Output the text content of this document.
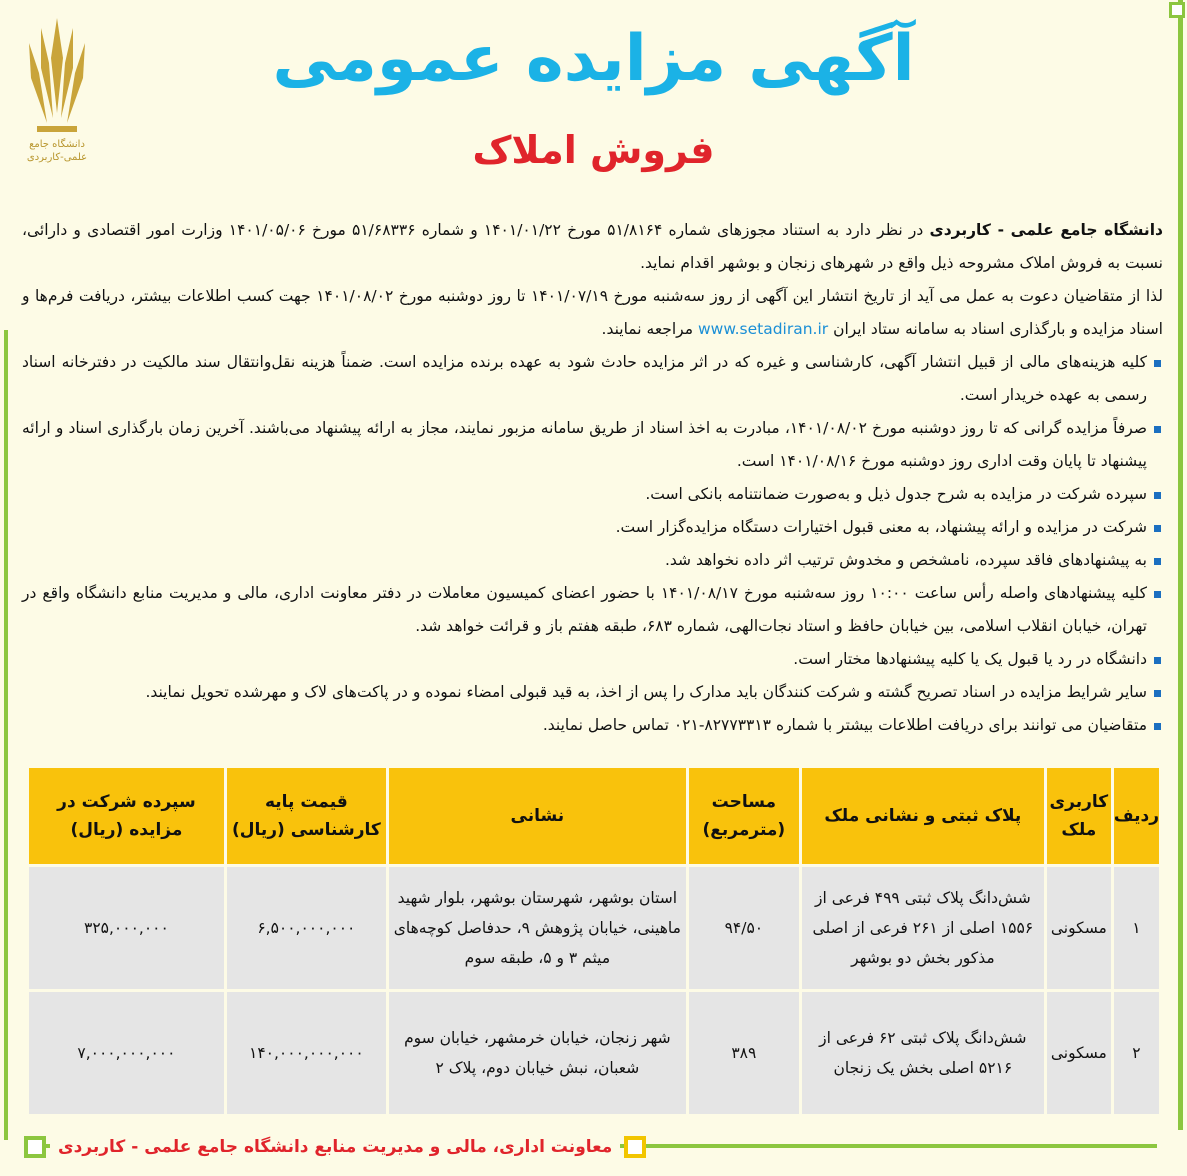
دانشگاه جامع علمی-کاربردی
آگهی مزایده عمومی
فروش املاک

دانشگاه جامع علمی - کاربردی در نظر دارد به استناد مجوزهای شماره ۵۱/۸۱۶۴ مورخ ۱۴۰۱/۰۱/۲۲ و شماره ۵۱/۶۸۳۳۶ مورخ ۱۴۰۱/۰۵/۰۶ وزارت امور اقتصادی و دارائی، نسبت به فروش املاک مشروحه ذیل واقع در شهرهای زنجان و بوشهر اقدام نماید.

لذا از متقاضیان دعوت به عمل می آید از تاریخ انتشار این آگهی از روز سه‌شنبه مورخ ۱۴۰۱/۰۷/۱۹ تا روز دوشنبه مورخ ۱۴۰۱/۰۸/۰۲ جهت کسب اطلاعات بیشتر، دریافت فرم‌ها و اسناد مزایده و بارگذاری اسناد به سامانه ستاد ایران www.setadiran.ir مراجعه نمایند.

کلیه هزینه‌های مالی از قبیل انتشار آگهی، کارشناسی و غیره که در اثر مزایده حادث شود به عهده برنده مزایده است. ضمناً هزینه نقل‌وانتقال سند مالکیت در دفترخانه اسناد رسمی به عهده خریدار است.

صرفاً مزایده گرانی که تا روز دوشنبه مورخ ۱۴۰۱/۰۸/۰۲، مبادرت به اخذ اسناد از طریق سامانه مزبور نمایند، مجاز به ارائه پیشنهاد می‌باشند. آخرین زمان بارگذاری اسناد و ارائه پیشنهاد تا پایان وقت اداری روز دوشنبه مورخ ۱۴۰۱/۰۸/۱۶ است.

سپرده شرکت در مزایده به شرح جدول ذیل و به‌صورت ضمانتنامه بانکی است.

شرکت در مزایده و ارائه پیشنهاد، به معنی قبول اختیارات دستگاه مزایده‌گزار است.

به پیشنهادهای فاقد سپرده، نامشخص و مخدوش ترتیب اثر داده نخواهد شد.

کلیه پیشنهادهای واصله رأس ساعت ۱۰:۰۰ روز سه‌شنبه مورخ ۱۴۰۱/۰۸/۱۷ با حضور اعضای کمیسیون معاملات در دفتر معاونت اداری، مالی و مدیریت منابع دانشگاه واقع در تهران، خیابان انقلاب اسلامی، بین خیابان حافظ و استاد نجات‌الهی، شماره ۶۸۳، طبقه هفتم باز و قرائت خواهد شد.

دانشگاه در رد یا قبول یک یا کلیه پیشنهادها مختار است.

سایر شرایط مزایده در اسناد تصریح گشته و شرکت کنندگان باید مدارک را پس از اخذ، به قید قبولی امضاء نموده و در پاکت‌های لاک و مهرشده تحویل نمایند.

متقاضیان می توانند برای دریافت اطلاعات بیشتر با شماره ۸۲۷۷۳۳۱۳-۰۲۱ تماس حاصل نمایند.

ردیف	کاربری ملک	پلاک ثبتی و نشانی ملک	مساحت (مترمربع)	نشانی	قیمت پایه کارشناسی (ریال)	سپرده شرکت در مزایده (ریال)
۱	مسکونی	شش‌دانگ پلاک ثبتی ۴۹۹ فرعی از ۱۵۵۶ اصلی از ۲۶۱ فرعی از اصلی مذکور بخش دو بوشهر	۹۴/۵۰	استان بوشهر، شهرستان بوشهر، بلوار شهید ماهینی، خیابان پژوهش ۹، حدفاصل کوچه‌های میثم ۳ و ۵، طبقه سوم	۶,۵۰۰,۰۰۰,۰۰۰	۳۲۵,۰۰۰,۰۰۰
۲	مسکونی	شش‌دانگ پلاک ثبتی ۶۲ فرعی از ۵۲۱۶ اصلی بخش یک زنجان	۳۸۹	شهر زنجان، خیابان خرمشهر، خیابان سوم شعبان، نبش خیابان دوم، پلاک ۲	۱۴۰,۰۰۰,۰۰۰,۰۰۰	۷,۰۰۰,۰۰۰,۰۰۰
معاونت اداری، مالی و مدیریت منابع دانشگاه جامع علمی - کاربردی
